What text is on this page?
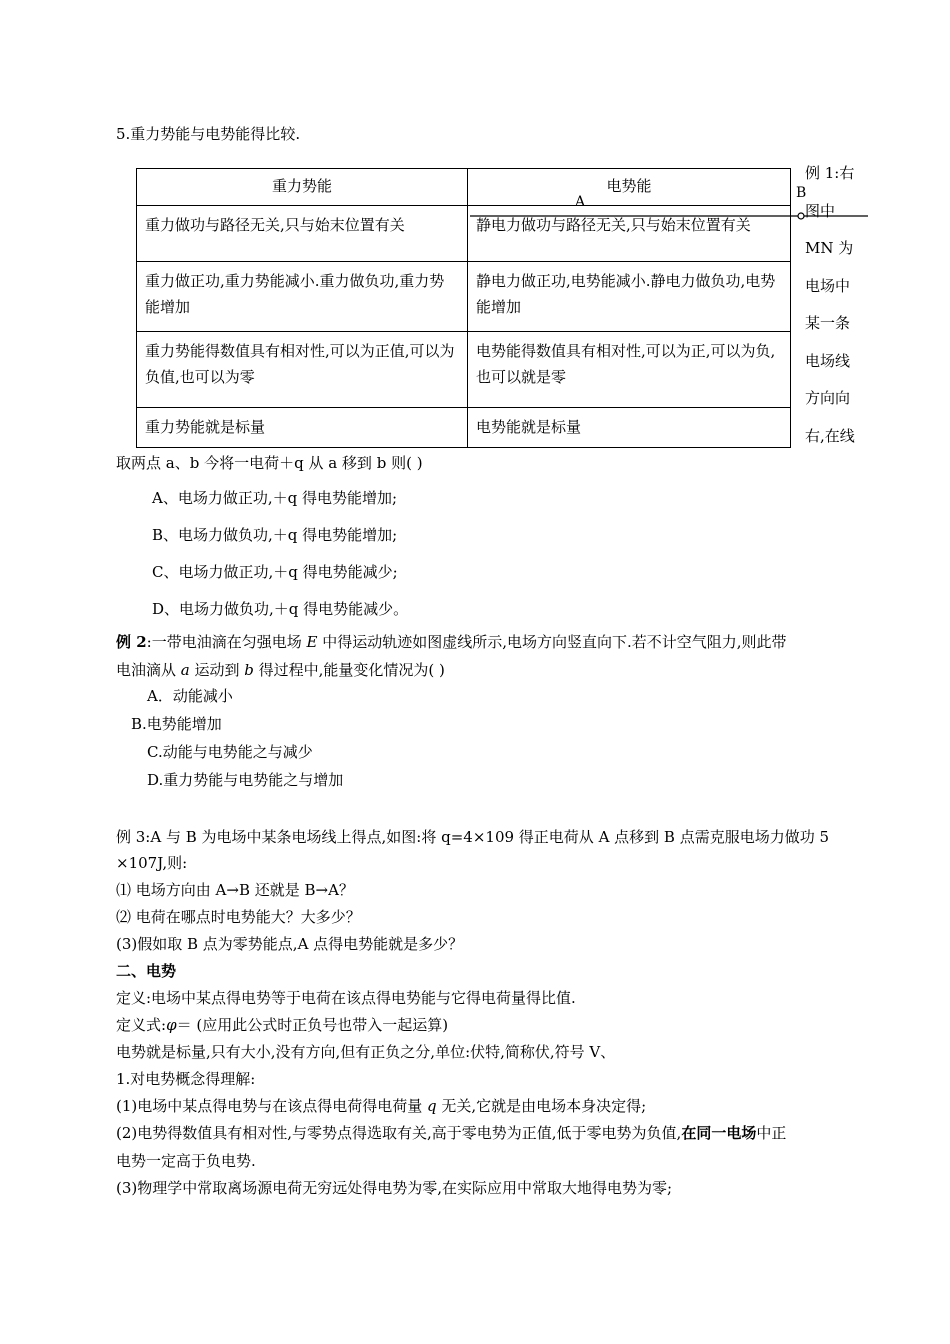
5.重力势能与电势能得比较.
重力势能	电势能
重力做功与路径无关,只与始末位置有关	静电力做功与路径无关,只与始末位置有关
重力做正功,重力势能减小.重力做负功,重力势能增加	静电力做正功,电势能减小.静电力做负功,电势能增加
重力势能得数值具有相对性,可以为正值,可以为负值,也可以为零	电势能得数值具有相对性,可以为正,可以为负,也可以就是零
重力势能就是标量	电势能就是标量
A
B
例 1:右
图中
MN 为
电场中
某一条
电场线
方向向
右,在线
取两点 a、b 今将一电荷＋q 从 a 移到 b 则( )
A、电场力做正功,＋q 得电势能增加;
B、电场力做负功,＋q 得电势能增加;
C、电场力做正功,＋q 得电势能减少;
D、电场力做负功,＋q 得电势能减少。
例 2:一带电油滴在匀强电场 E 中得运动轨迹如图虚线所示,电场方向竖直向下.若不计空气阻力,则此带
电油滴从 a 运动到 b 得过程中,能量变化情况为( )
A．动能减小
B.电势能增加
C.动能与电势能之与减少
D.重力势能与电势能之与增加
例 3:A 与 B 为电场中某条电场线上得点,如图:将 q=4×109 得正电荷从 A 点移到 B 点需克服电场力做功 5
×107J,则:
⑴ 电场方向由 A→B 还就是 B→A？
⑵ 电荷在哪点时电势能大？大多少？
(3)假如取 B 点为零势能点,A 点得电势能就是多少？
二、电势
定义:电场中某点得电势等于电荷在该点得电势能与它得电荷量得比值.
定义式:φ＝ (应用此公式时正负号也带入一起运算)
电势就是标量,只有大小,没有方向,但有正负之分,单位:伏特,简称伏,符号 V、
1.对电势概念得理解:
(1)电场中某点得电势与在该点得电荷得电荷量 q 无关,它就是由电场本身决定得;
(2)电势得数值具有相对性,与零势点得选取有关,高于零电势为正值,低于零电势为负值,在同一电场中正
电势一定高于负电势.
(3)物理学中常取离场源电荷无穷远处得电势为零,在实际应用中常取大地得电势为零;
